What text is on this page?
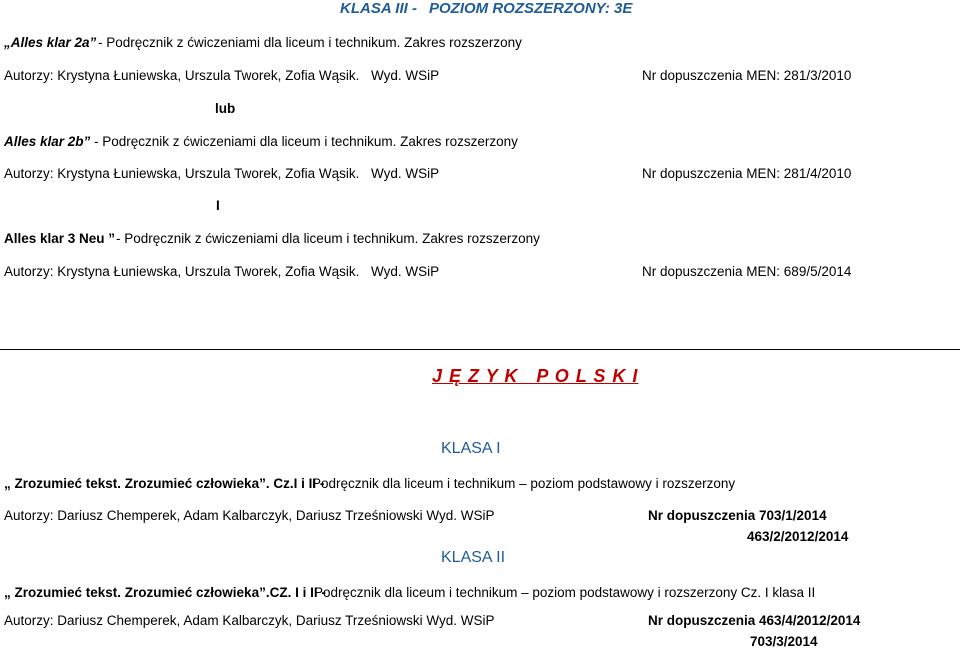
KLASA III - POZIOM ROZSZERZONY: 3E
„Alles klar 2a” - Podręcznik z ćwiczeniami dla liceum i technikum. Zakres rozszerzony
Autorzy: Krystyna Łuniewska, Urszula Tworek, Zofia Wąsik. Wyd. WSiP	Nr dopuszczenia MEN: 281/3/2010
lub
Alles klar 2b” - Podręcznik z ćwiczeniami dla liceum i technikum. Zakres rozszerzony
Autorzy: Krystyna Łuniewska, Urszula Tworek, Zofia Wąsik. Wyd. WSiP	Nr dopuszczenia MEN: 281/4/2010
I
Alles klar 3 Neu ” - Podręcznik z ćwiczeniami dla liceum i technikum. Zakres rozszerzony
Autorzy: Krystyna Łuniewska, Urszula Tworek, Zofia Wąsik. Wyd. WSiP	Nr dopuszczenia MEN: 689/5/2014
J Ę Z Y K   P O L S K I
KLASA I
„ Zrozumieć tekst. Zrozumieć człowieka”. Cz.I i II -
Podręcznik dla liceum i technikum – poziom podstawowy i rozszerzony
Autorzy: Dariusz Chemperek, Adam Kalbarczyk, Dariusz Trześniowski Wyd. WSiP	Nr dopuszczenia 703/1/2014
463/2/2012/2014
KLASA II
„ Zrozumieć tekst. Zrozumieć człowieka”.CZ. I i II -
Podręcznik dla liceum i technikum – poziom podstawowy i rozszerzony Cz. I klasa II
Autorzy: Dariusz Chemperek, Adam Kalbarczyk, Dariusz Trześniowski Wyd. WSiP	Nr dopuszczenia 463/4/2012/2014
703/3/2014
